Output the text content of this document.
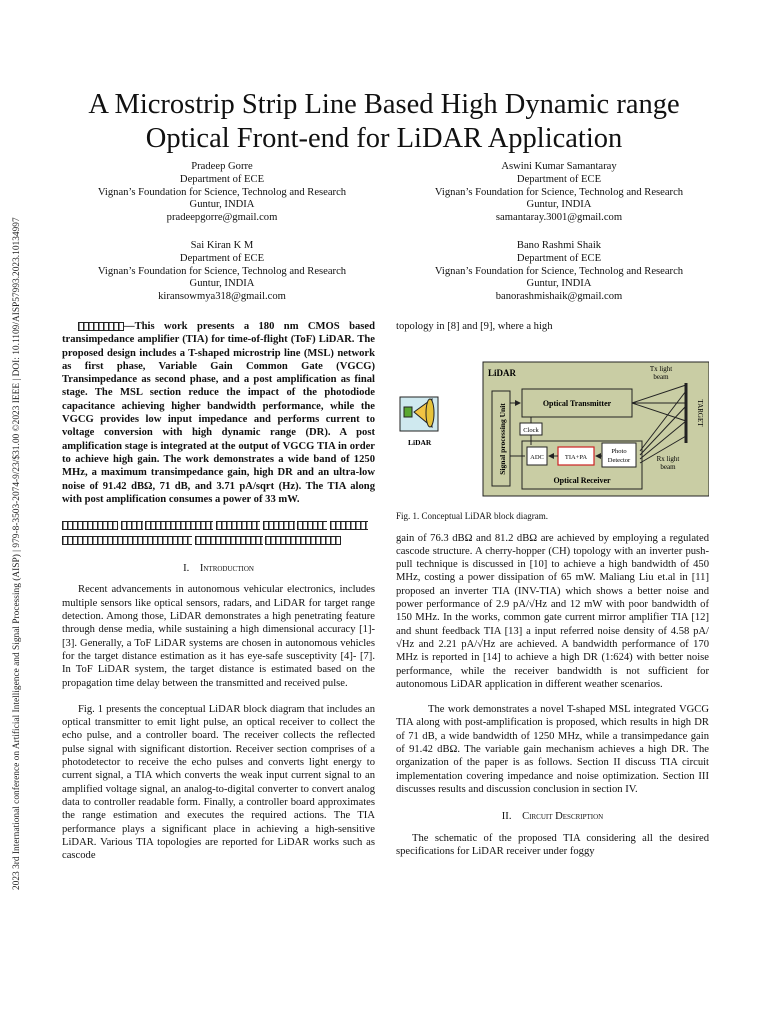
2023 3rd International conference on Artificial Intelligence and Signal Processing (AISP) | 979-8-3503-2074-9/23/$31.00 ©2023 IEEE | DOI: 10.1109/AISP57993.2023.10134997
A Microstrip Strip Line Based High Dynamic range
Optical Front-end for LiDAR Application
Pradeep Gorre
Department of ECE
Vignan’s Foundation for Science, Technolog and Research
Guntur, INDIA
pradeepgorre@gmail.com
Aswini Kumar Samantaray
Department of ECE
Vignan’s Foundation for Science, Technolog and Research
Guntur, INDIA
samantaray.3001@gmail.com
Sai Kiran K M
Department of ECE
Vignan’s Foundation for Science, Technolog and Research
Guntur, INDIA
kiransowmya318@gmail.com
Bano Rashmi Shaik
Department of ECE
Vignan’s Foundation for Science, Technolog and Research
Guntur, INDIA
banorashmishaik@gmail.com

—This work presents a 180 nm CMOS based transimpedance amplifier (TIA) for time-of-flight (ToF) LiDAR. The proposed design includes a T-shaped microstrip line (MSL) network as first phase, Variable Gain Common Gate (VGCG) Transimpedance as second phase, and a post amplification as final stage. The MSL section reduce the impact of the photodiode capacitance achieving higher bandwidth performance, while the VGCG provides low input impedance and performs current to voltage conversion with high dynamic range (DR). A post amplification stage is integrated at the output of VGCG TIA in order to achieve high gain. The work demonstrates a wide band of 1250 MHz, a maximum transimpedance gain, high DR and an ultra-low noise of 91.42 dBΩ, 71 dB, and 3.71 pA/sqrt (Hz). The TIA along with post amplification consumes a power of 33 mW.

I. Introduction

Recent advancements in autonomous vehicular electronics, includes multiple sensors like optical sensors, radars, and LiDAR for target range detection. Among those, LiDAR demonstrates a high penetrating feature through dense media, while sustaining a high dimensional accuracy [1]-[3]. Generally, a ToF LiDAR systems are chosen in autonomous vehicles for the target distance estimation as it has eye-safe susceptivity [4]- [7]. In ToF LiDAR system, the target distance is estimated based on the propagation time delay between the transmitted and received pulse.

Fig. 1 presents the conceptual LiDAR block diagram that includes an optical transmitter to emit light pulse, an optical receiver to collect the echo pulse, and a controller board. The receiver collects the reflected pulse signal with significant distortion. Receiver section comprises of a photodetector to receive the echo pulses and converts light energy to current signal, a TIA which converts the weak input current signal to an amplified voltage signal, an analog-to-digital converter to convert analog data to controller readable form. Finally, a controller board approximates the range estimation and executes the required actions. The TIA performance plays a significant place in achieving a high-sensitive LiDAR. Various TIA topologies are reported for LiDAR works such as cascode

topology in [8] and [9], where a high

LiDAR
Signal processing Unit	Optical Transmitter
Clock
ADC	TIA+PA
Photo
Detector
Optical Receiver
TARGET
Tx light
beam
Rx light
beam
LiDAR

Fig. 1. Conceptual LiDAR block diagram.

gain of 76.3 dBΩ and 81.2 dBΩ are achieved by employing a regulated cascode structure. A cherry-hopper (CH) topology with an inverter push-pull technique is discussed in [10] to achieve a high bandwidth of 450 MHz, costing a power dissipation of 65 mW. Maliang Liu et.al in [11] proposed an inverter TIA (INV-TIA) which shows a better noise and power performance of 2.9 pA/√Hz and 12 mW with poor bandwidth of 150 MHz. In the works, common gate current mirror amplifier TIA [12] and shunt feedback TIA [13] a input referred noise density of 4.58 pA/√Hz and 2.21 pA/√Hz are achieved. A bandwidth performance of 170 MHz is reported in [14] to achieve a high DR (1:624) with better noise performance, while the receiver bandwidth is not sufficient for autonomous LiDAR application in different weather scenarios.

The work demonstrates a novel T-shaped MSL integrated VGCG TIA along with post-amplification is proposed, which results in high DR of 71 dB, a wide bandwidth of 1250 MHz, while a transimpedance gain of 91.42 dBΩ. The variable gain mechanism achieves a high DR. The organization of the paper is as follows. Section II discuss TIA circuit implementation covering impedance and noise optimization. Section III discusses results and discussion conclusion in section IV.

II. Circuit Description

The schematic of the proposed TIA considering all the desired specifications for LiDAR receiver under foggy
